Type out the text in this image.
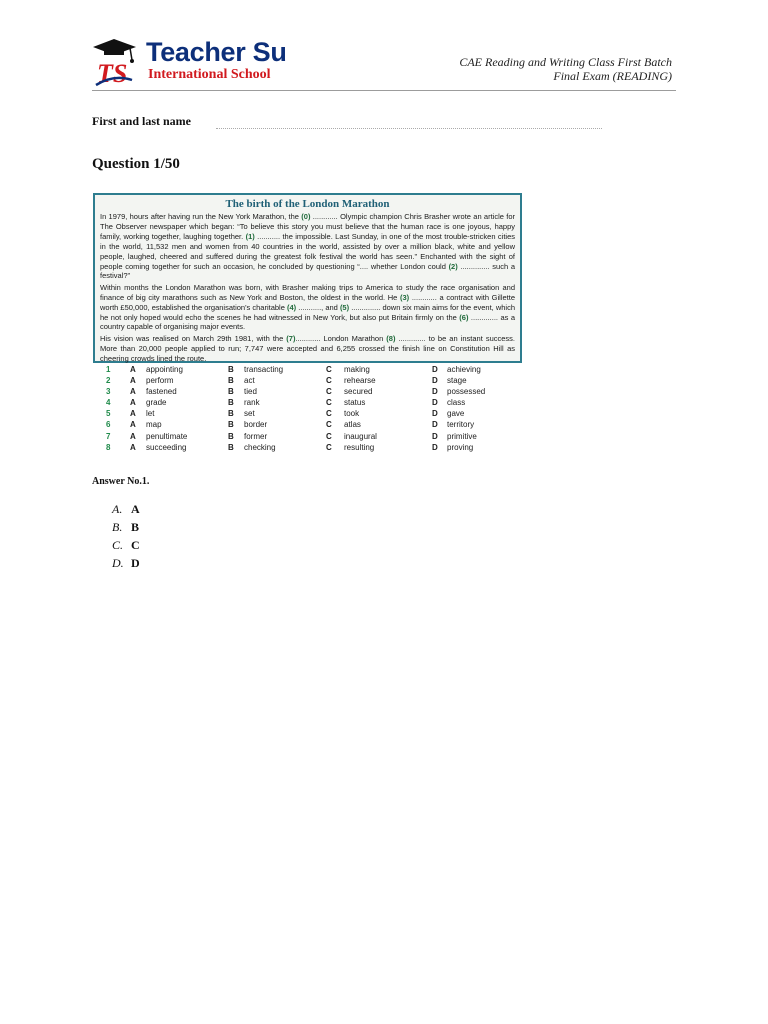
TS
Teacher Su
International School
CAE Reading and Writing Class First Batch
Final Exam (READING)
First and last name
Question 1/50
The birth of the London Marathon

In 1979, hours after having run the New York Marathon, the (0) ............ Olympic champion Chris Brasher wrote an article for The Observer newspaper which began: “To believe this story you must believe that the human race is one joyous, happy family, working together, laughing together. (1) ........... the impossible. Last Sunday, in one of the most trouble-stricken cities in the world, 11,532 men and women from 40 countries in the world, assisted by over a million black, white and yellow people, laughed, cheered and suffered during the greatest folk festival the world has seen.” Enchanted with the sight of people coming together for such an occasion, he concluded by questioning “.... whether London could (2) .............. such a festival?”

Within months the London Marathon was born, with Brasher making trips to America to study the race organisation and finance of big city marathons such as New York and Boston, the oldest in the world. He (3) ............ a contract with Gillette worth £50,000, established the organisation's charitable (4) ..........., and (5) .............. down six main aims for the event, which he not only hoped would echo the scenes he had witnessed in New York, but also put Britain firmly on the (6) ............. as a country capable of organising major events.

His vision was realised on March 29th 1981, with the (7)............ London Marathon (8) ............. to be an instant success. More than 20,000 people applied to run; 7,747 were accepted and 6,255 crossed the finish line on Constitution Hill as cheering crowds lined the route.

1 A appointing	B transacting	C making	D achieving
2 A perform	B act	C rehearse	D stage
3 A fastened	B tied	C secured	D possessed
4 A grade	B rank	C status	D class
5 A let	B set	C took	D gave
6 A map	B border	C atlas	D territory
7 A penultimate	B former	C inaugural	D primitive
8 A succeeding	B checking	C resulting	D proving
Answer No.1.
A. A
B. B
C. C
D. D
